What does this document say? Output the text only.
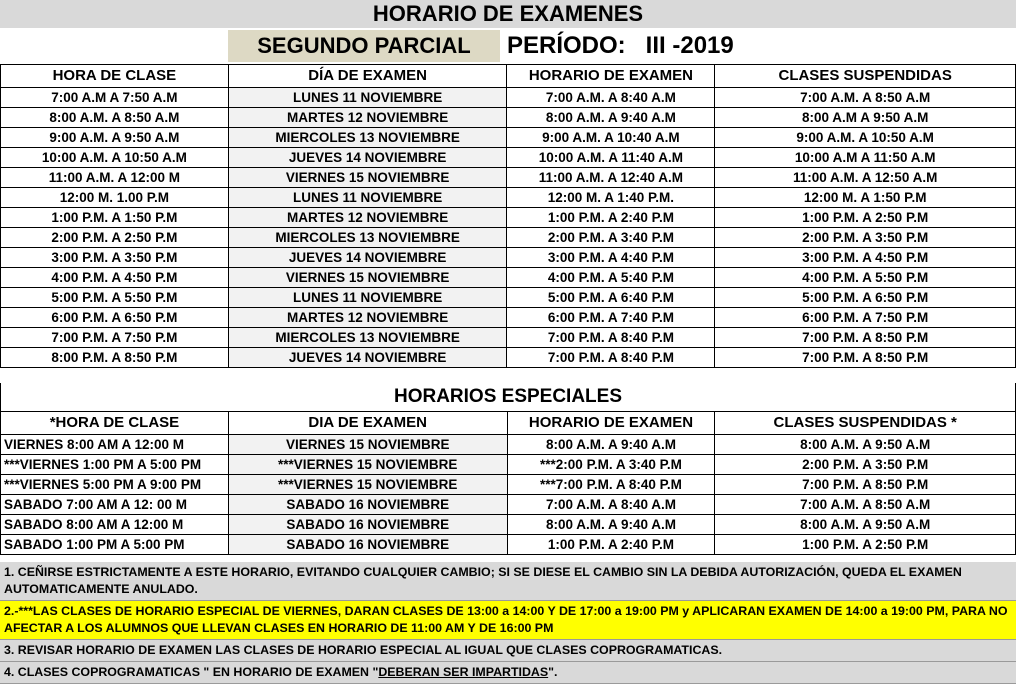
HORARIO DE EXAMENES
SEGUNDO PARCIAL	PERÍODO:   III -2019
HORA DE CLASE	DÍA DE EXAMEN	HORARIO DE EXAMEN	CLASES SUSPENDIDAS
7:00 A.M A 7:50 A.M	LUNES 11 NOVIEMBRE	7:00 A.M. A 8:40 A.M	7:00 A.M. A 8:50 A.M
8:00 A.M. A 8:50 A.M	MARTES 12 NOVIEMBRE	8:00 A.M. A 9:40 A.M	8:00 A.M A 9:50 A.M
9:00 A.M. A 9:50 A.M	MIERCOLES 13 NOVIEMBRE	9:00 A.M. A 10:40 A.M	9:00 A.M. A 10:50 A.M
10:00 A.M. A 10:50 A.M	JUEVES 14 NOVIEMBRE	10:00 A.M. A 11:40 A.M	10:00 A.M A 11:50 A.M
11:00 A.M. A 12:00 M	VIERNES 15 NOVIEMBRE	11:00 A.M. A 12:40 A.M	11:00 A.M. A 12:50 A.M
12:00 M. 1.00 P.M	LUNES 11 NOVIEMBRE	12:00 M. A 1:40 P.M.	12:00 M. A 1:50 P.M
1:00 P.M. A 1:50 P.M	MARTES 12 NOVIEMBRE	1:00 P.M. A 2:40 P.M	1:00 P.M. A 2:50 P.M
2:00 P.M. A 2:50 P.M	MIERCOLES 13 NOVIEMBRE	2:00 P.M. A 3:40 P.M	2:00 P.M. A 3:50 P.M
3:00 P.M. A 3:50 P.M	JUEVES 14 NOVIEMBRE	3:00 P.M. A 4:40 P.M	3:00 P.M. A 4:50 P.M
4:00 P.M. A 4:50 P.M	VIERNES 15 NOVIEMBRE	4:00 P.M. A 5:40 P.M	4:00 P.M. A 5:50 P.M
5:00 P.M. A 5:50 P.M	LUNES 11 NOVIEMBRE	5:00 P.M. A 6:40 P.M	5:00 P.M. A 6:50 P.M
6:00 P.M. A 6:50 P.M	MARTES 12 NOVIEMBRE	6:00 P.M. A 7:40 P.M	6:00 P.M. A 7:50 P.M
7:00 P.M. A 7:50 P.M	MIERCOLES 13 NOVIEMBRE	7:00 P.M. A 8:40 P.M	7:00 P.M. A 8:50 P.M
8:00 P.M. A 8:50 P.M	JUEVES 14 NOVIEMBRE	7:00 P.M. A 8:40 P.M	7:00 P.M. A 8:50 P.M
HORARIOS ESPECIALES
*HORA DE CLASE	DIA DE EXAMEN	HORARIO DE EXAMEN	CLASES SUSPENDIDAS *
VIERNES 8:00 AM A 12:00 M	VIERNES 15 NOVIEMBRE	8:00 A.M. A 9:40 A.M	8:00 A.M. A 9:50 A.M
***VIERNES 1:00 PM A 5:00 PM	***VIERNES 15 NOVIEMBRE	***2:00 P.M. A 3:40 P.M	2:00 P.M. A 3:50 P.M
***VIERNES 5:00 PM A 9:00 PM	***VIERNES 15 NOVIEMBRE	***7:00 P.M. A 8:40 P.M	7:00 P.M. A 8:50 P.M
SABADO 7:00 AM A 12: 00 M	SABADO 16 NOVIEMBRE	7:00 A.M. A 8:40 A.M	7:00 A.M. A 8:50 A.M
SABADO 8:00 AM A 12:00 M	SABADO 16 NOVIEMBRE	8:00 A.M. A 9:40 A.M	8:00 A.M. A 9:50 A.M
SABADO 1:00 PM A 5:00 PM	SABADO 16 NOVIEMBRE	1:00 P.M. A 2:40 P.M	1:00 P.M. A 2:50 P.M
1. CEÑIRSE ESTRICTAMENTE A ESTE HORARIO, EVITANDO CUALQUIER CAMBIO; SI SE DIESE EL CAMBIO SIN LA DEBIDA AUTORIZACIÓN, QUEDA EL EXAMEN AUTOMATICAMENTE ANULADO.
2.-***LAS CLASES DE HORARIO ESPECIAL DE VIERNES, DARAN CLASES DE 13:00 a 14:00 Y DE 17:00 a 19:00 PM y APLICARAN EXAMEN DE 14:00 a 19:00 PM, PARA NO AFECTAR A LOS ALUMNOS QUE LLEVAN CLASES EN HORARIO DE 11:00 AM Y DE 16:00 PM
3. REVISAR HORARIO DE EXAMEN LAS CLASES DE HORARIO ESPECIAL AL IGUAL QUE CLASES COPROGRAMATICAS.
4. CLASES COPROGRAMATICAS " EN HORARIO DE EXAMEN "DEBERAN SER IMPARTIDAS".
